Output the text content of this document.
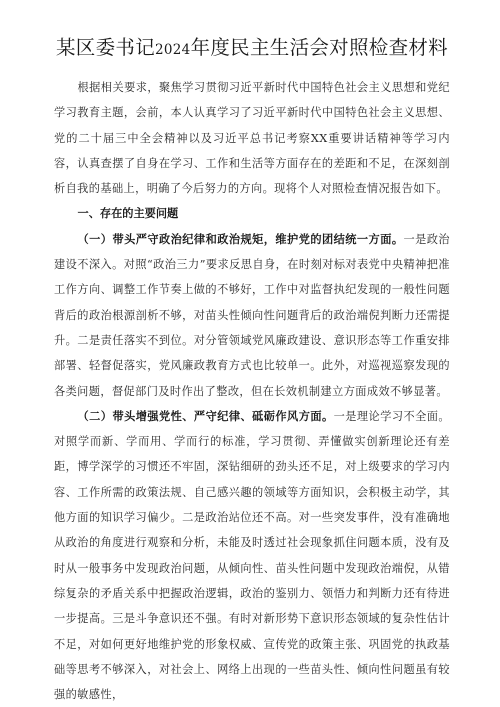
某区委书记2024年度民主生活会对照检查材料

根据相关要求，聚焦学习贯彻习近平新时代中国特色社会主义思想和党纪学习教育主题，会前，本人认真学习了习近平新时代中国特色社会主义思想、党的二十届三中全会精神以及习近平总书记考察XX重要讲话精神等学习内容，认真查摆了自身在学习、工作和生活等方面存在的差距和不足，在深刻剖析自我的基础上，明确了今后努力的方向。现将个人对照检查情况报告如下。

一、存在的主要问题

（一）带头严守政治纪律和政治规矩，维护党的团结统一方面。一是政治建设不深入。对照“政治三力”要求反思自身，在时刻对标对表党中央精神把准工作方向、调整工作节奏上做的不够好，工作中对监督执纪发现的一般性问题背后的政治根源剖析不够，对苗头性倾向性问题背后的政治端倪判断力还需提升。二是责任落实不到位。对分管领域党风廉政建设、意识形态等工作重安排部署、轻督促落实，党风廉政教育方式也比较单一。此外，对巡视巡察发现的各类问题，督促部门及时作出了整改，但在长效机制建立方面成效不够显著。

（二）带头增强党性、严守纪律、砥砺作风方面。一是理论学习不全面。对照学而新、学而用、学而行的标准，学习贯彻、弄懂做实创新理论还有差距，博学深学的习惯还不牢固，深钻细研的劲头还不足，对上级要求的学习内容、工作所需的政策法规、自己感兴趣的领域等方面知识，会积极主动学，其他方面的知识学习偏少。二是政治站位还不高。对一些突发事件，没有准确地从政治的角度进行观察和分析，未能及时透过社会现象抓住问题本质，没有及时从一般事务中发现政治问题，从倾向性、苗头性问题中发现政治端倪，从错综复杂的矛盾关系中把握政治逻辑，政治的鉴别力、领悟力和判断力还有待进一步提高。三是斗争意识还不强。有时对新形势下意识形态领域的复杂性估计不足，对如何更好地维护党的形象权威、宣传党的政策主张、巩固党的执政基础等思考不够深入，对社会上、网络上出现的一些苗头性、倾向性问题虽有较强的敏感性，
